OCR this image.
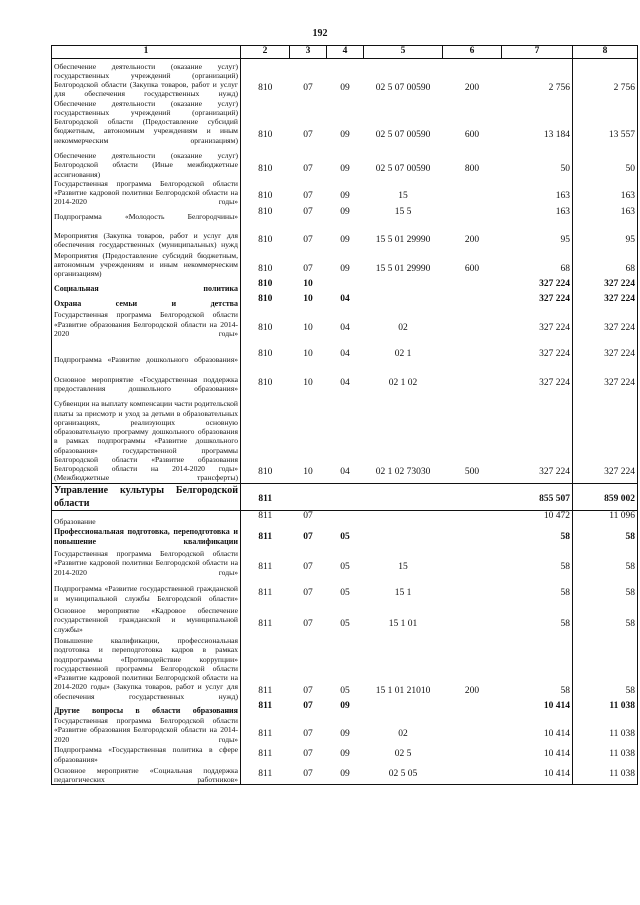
192
1	2	3	4	5	6	7	8
Обеспечение деятельности (оказание услуг) государственных учреждений (организаций) Белгородской области (Закупка товаров, работ и услуг для обеспечения государственных нужд)	810	07	09	02 5 07 00590	200	2 756	2 756
Обеспечение деятельности (оказание услуг) государственных учреждений (организаций) Белгородской области (Предоставление субсидий бюджетным, автономным учреждениям и иным некоммерческим организациям)	810	07	09	02 5 07 00590	600	13 184	13 557
Обеспечение деятельности (оказание услуг) Белгородской области (Иные межбюджетные ассигнования)	810	07	09	02 5 07 00590	800	50	50
Государственная программа Белгородской области «Развитие кадровой политики Белгородской области на 2014-2020 годы»	810	07	09	15		163	163
Подпрограмма «Молодость Белгородчины»	810	07	09	15 5		163	163
Мероприятия (Закупка товаров, работ и услуг для обеспечения государственных (муниципальных) нужд	810	07	09	15 5 01 29990	200	95	95
Мероприятия (Предоставление субсидий бюджетным, автономным учреждениям и иным некоммерческим организациям)	810	07	09	15 5 01 29990	600	68	68
Социальная политика	810	10				327 224	327 224
Охрана семьи и детства	810	10	04			327 224	327 224
Государственная программа Белгородской области «Развитие образования Белгородской области на 2014-2020 годы»	810	10	04	02		327 224	327 224
Подпрограмма «Развитие дошкольного образования»	810	10	04	02 1		327 224	327 224
Основное мероприятие «Государственная поддержка предоставления дошкольного образования»	810	10	04	02 1 02		327 224	327 224
Субвенции на выплату компенсации части родительской платы за присмотр и уход за детьми в образовательных организациях, реализующих основную образовательную программу дошкольного образования в рамках подпрограммы «Развитие дошкольного образования» государственной программы Белгородской области «Развитие образования Белгородской области на 2014-2020 годы» (Межбюджетные трансферты)	810	10	04	02 1 02 73030	500	327 224	327 224
Управление культуры Белгородской области	811					855 507	859 002
Образование	811	07				10 472	11 096
Профессиональная подготовка, переподготовка и повышение квалификации	811	07	05			58	58
Государственная программа Белгородской области «Развитие кадровой политики Белгородской области на 2014-2020 годы»	811	07	05	15		58	58
Подпрограмма «Развитие государственной гражданской и муниципальной службы Белгородской области»	811	07	05	15 1		58	58
Основное мероприятие «Кадровое обеспечение государственной гражданской и муниципальной службы»	811	07	05	15 1 01		58	58
Повышение квалификации, профессиональная подготовка и переподготовка кадров в рамках подпрограммы «Противодействие коррупции» государственной программы Белгородской области «Развитие кадровой политики Белгородской области на 2014-2020 годы» (Закупка товаров, работ и услуг для обеспечения государственных нужд)	811	07	05	15 1 01 21010	200	58	58
Другие вопросы в области образования	811	07	09			10 414	11 038
Государственная программа Белгородской области «Развитие образования Белгородской области на 2014-2020 годы»	811	07	09	02		10 414	11 038
Подпрограмма «Государственная политика в сфере образования»	811	07	09	02 5		10 414	11 038
Основное мероприятие «Социальная поддержка педагогических работников»	811	07	09	02 5 05		10 414	11 038
